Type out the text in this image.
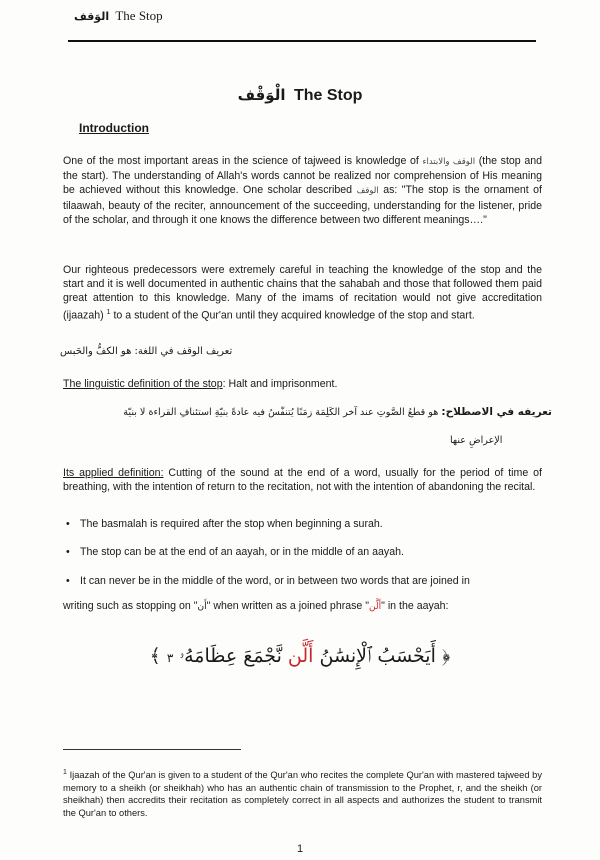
الوَقف The Stop
الْوَقْف The Stop
Introduction
One of the most important areas in the science of tajweed is knowledge of الوقف والابتداء (the stop and the start). The understanding of Allah's words cannot be realized nor comprehension of His meaning be achieved without this knowledge. One scholar described الوقف as: "The stop is the ornament of tilaawah, beauty of the reciter, announcement of the succeeding, understanding for the listener, pride of the scholar, and through it one knows the difference between two different meanings…."
Our righteous predecessors were extremely careful in teaching the knowledge of the stop and the start and it is well documented in authentic chains that the sahabah and those that followed them paid great attention to this knowledge. Many of the imams of recitation would not give accreditation (ijaazah) $^1$ to a student of the Qur'an until they acquired knowledge of the stop and start.
تعريف الوقف في اللغة: هو الكفُّ والحَبس
The linguistic definition of the stop: Halt and imprisonment.
تعريفه في الاصطلاح: هو قطعُ الصَّوتِ عند آخر الكَلِمَة زمَنًا يُتنفَّسُ فيه عادةً بنيّةِ استئنافِ القراءة لا بنيّة
الإعراضِ عنها
Its applied definition: Cutting of the sound at the end of a word, usually for the period of time of breathing, with the intention of return to the recitation, not with the intention of abandoning the recital.
• The basmalah is required after the stop when beginning a surah.
• The stop can be at the end of an aayah, or in the middle of an aayah.
• It can never be in the middle of the word, or in between two words that are joined in
writing such as stopping on "أَن" when written as a joined phrase "أَلَّن" in the aayah:
﴿ أَيَحْسَبُ ٱلْإِنسَٰنُ أَلَّن نَّجْمَعَ عِظَامَهُۥ ٣ ﴾
$^1$ Ijaazah of the Qur'an is given to a student of the Qur'an who recites the complete Qur'an with mastered tajweed by memory to a sheikh (or sheikhah) who has an authentic chain of transmission to the Prophet, r, and the sheikh (or sheikhah) then accredits their recitation as completely correct in all aspects and authorizes the student to transmit the Qur'an to others.
1
